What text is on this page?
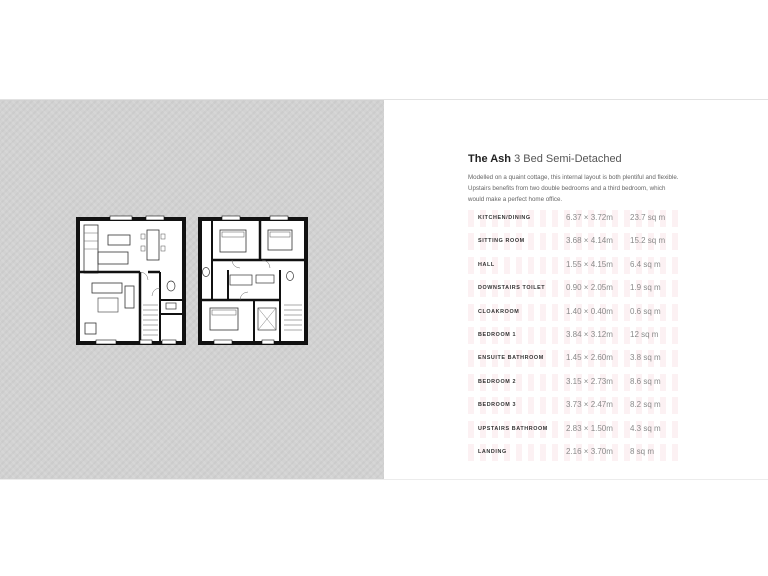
The Ash 3 Bed Semi-Detached

Modelled on a quaint cottage, this internal layout is both plentiful and flexible. Upstairs benefits from two double bedrooms and a third bedroom, which would make a perfect home office.

KITCHEN/DINING	6.37 × 3.72m 23.7 sq m
SITTING ROOM	3.68 × 4.14m 15.2 sq m
HALL	1.55 × 4.15m 6.4 sq m
DOWNSTAIRS TOILET	0.90 × 2.05m 1.9 sq m
CLOAKROOM	1.40 × 0.40m 0.6 sq m
BEDROOM 1	3.84 × 3.12m 12 sq m
ENSUITE BATHROOM	1.45 × 2.60m 3.8 sq m
BEDROOM 2	3.15 × 2.73m 8.6 sq m
BEDROOM 3	3.73 × 2.47m 8.2 sq m
UPSTAIRS BATHROOM 2.83 × 1.50m 4.3 sq m
LANDING	2.16 × 3.70m 8 sq m
